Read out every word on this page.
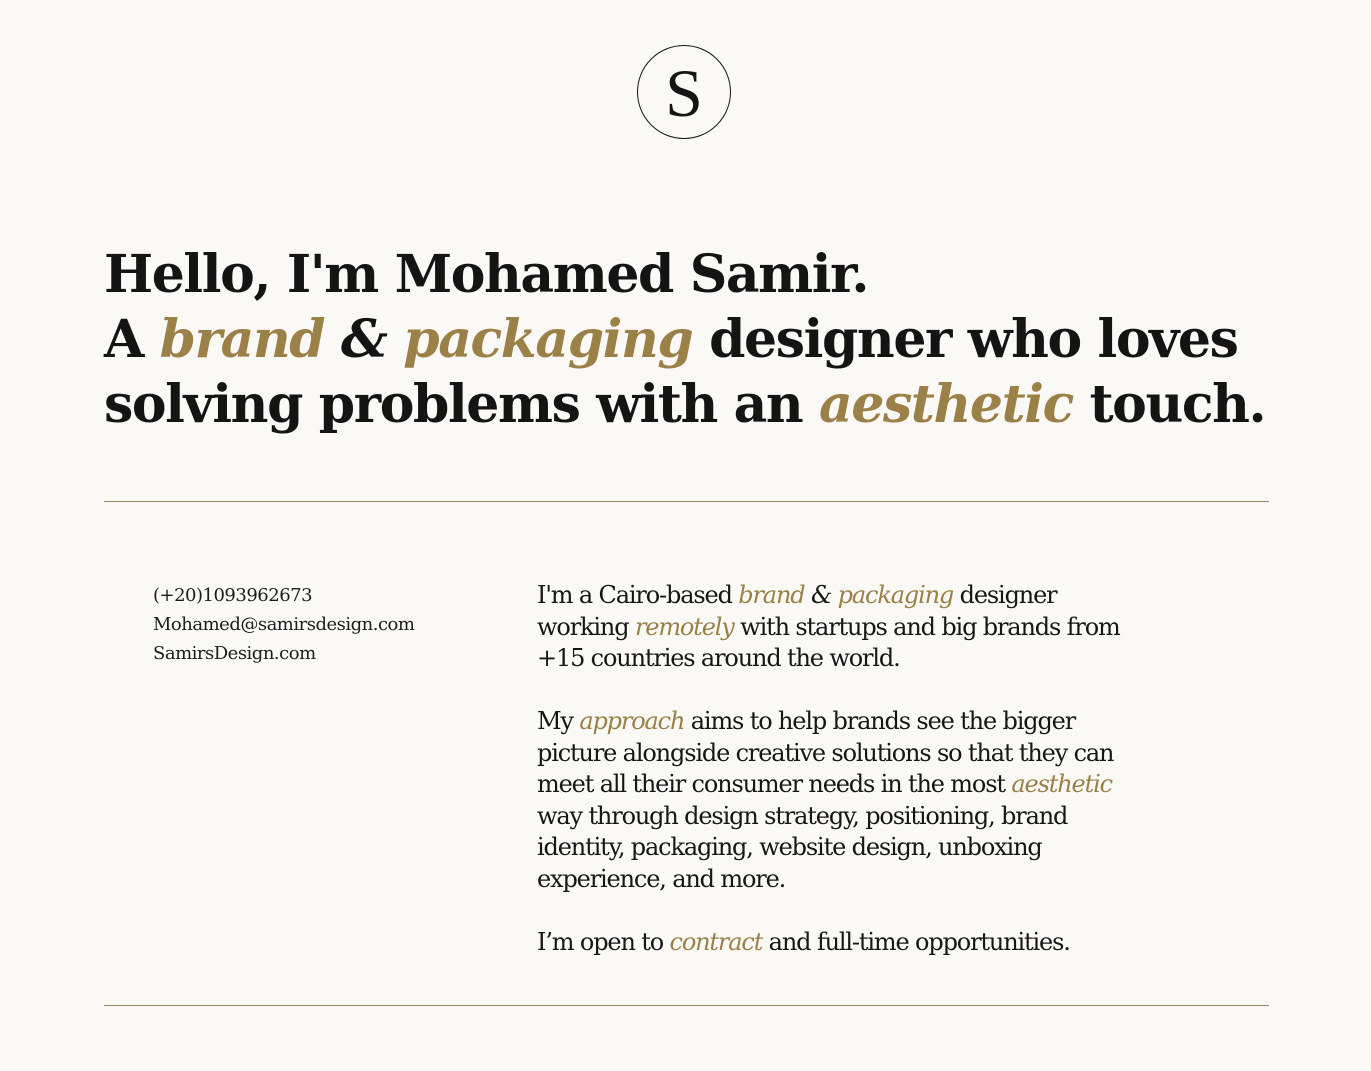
S
Hello, I'm Mohamed Samir.
A brand & packaging designer who loves
solving problems with an aesthetic touch.
(+20)1093962673
Mohamed@samirsdesign.com
SamirsDesign.com

I'm a Cairo-based brand & packaging designer
working remotely with startups and big brands from
+15 countries around the world.

My approach aims to help brands see the bigger
picture alongside creative solutions so that they can
meet all their consumer needs in the most aesthetic
way through design strategy, positioning, brand
identity, packaging, website design, unboxing
experience, and more.

I’m open to contract and full-time opportunities.
